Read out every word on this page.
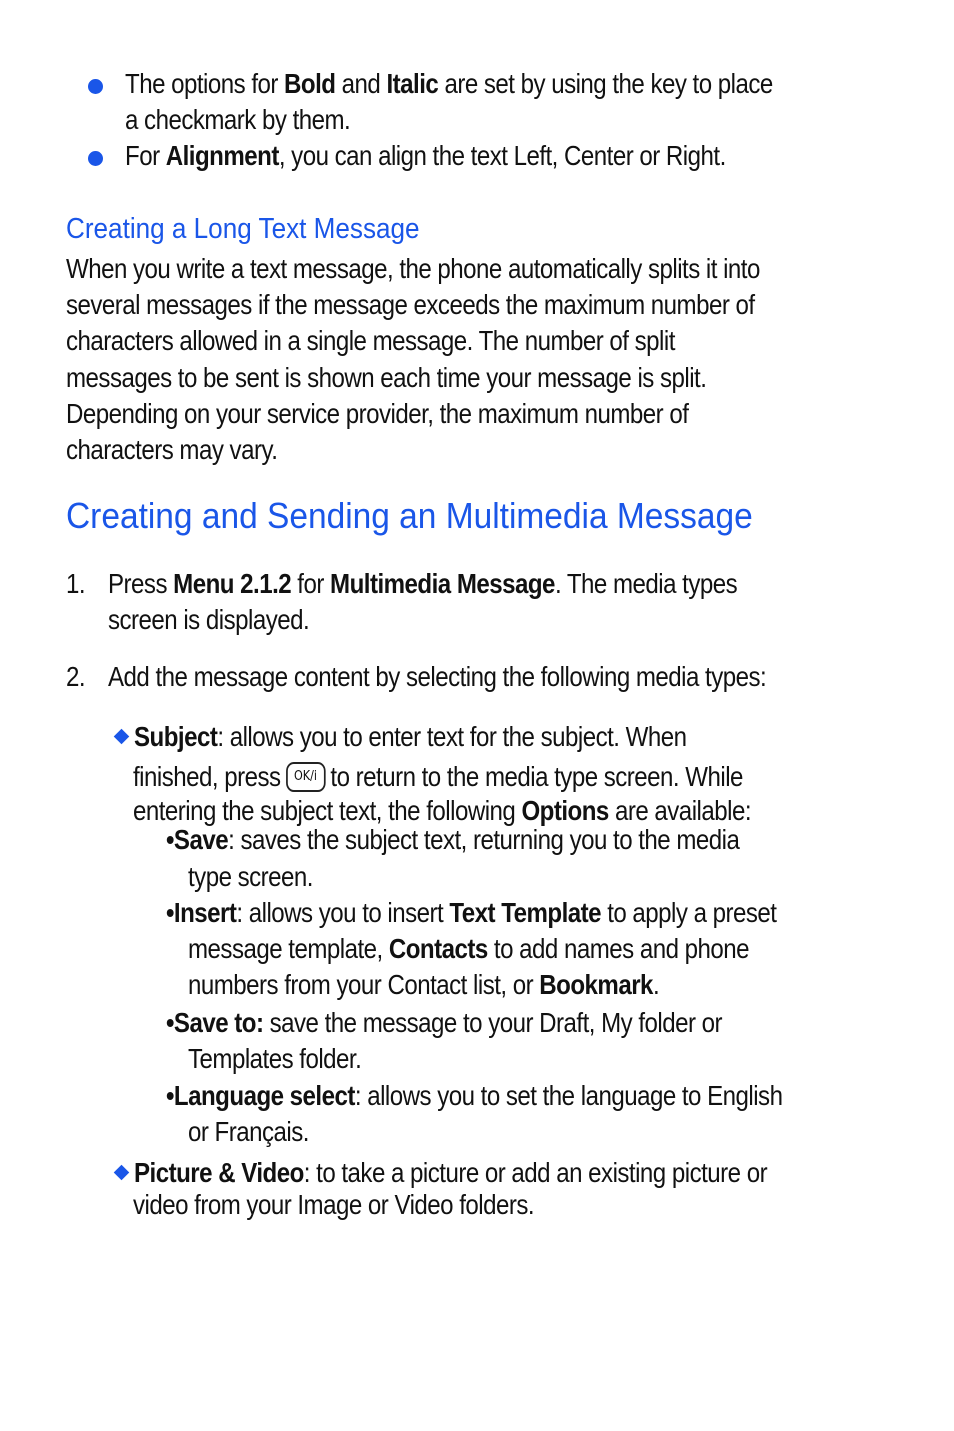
The options for Bold and Italic are set by using the key to place
a checkmark by them.
For Alignment, you can align the text Left, Center or Right.
Creating a Long Text Message
When you write a text message, the phone automatically splits it into
several messages if the message exceeds the maximum number of
characters allowed in a single message. The number of split
messages to be sent is shown each time your message is split.
Depending on your service provider, the maximum number of
characters may vary.
Creating and Sending an Multimedia Message
1. Press Menu 2.1.2 for Multimedia Message. The media types
screen is displayed.
2. Add the message content by selecting the following media types:
Subject: allows you to enter text for the subject. When
finished, press OK/i to return to the media type screen. While
entering the subject text, the following Options are available:
•Save: saves the subject text, returning you to the media
type screen.
•Insert: allows you to insert Text Template to apply a preset
message template, Contacts to add names and phone
numbers from your Contact list, or Bookmark.
•Save to: save the message to your Draft, My folder or
Templates folder.
•Language select: allows you to set the language to English
or Français.
Picture & Video: to take a picture or add an existing picture or
video from your Image or Video folders.
